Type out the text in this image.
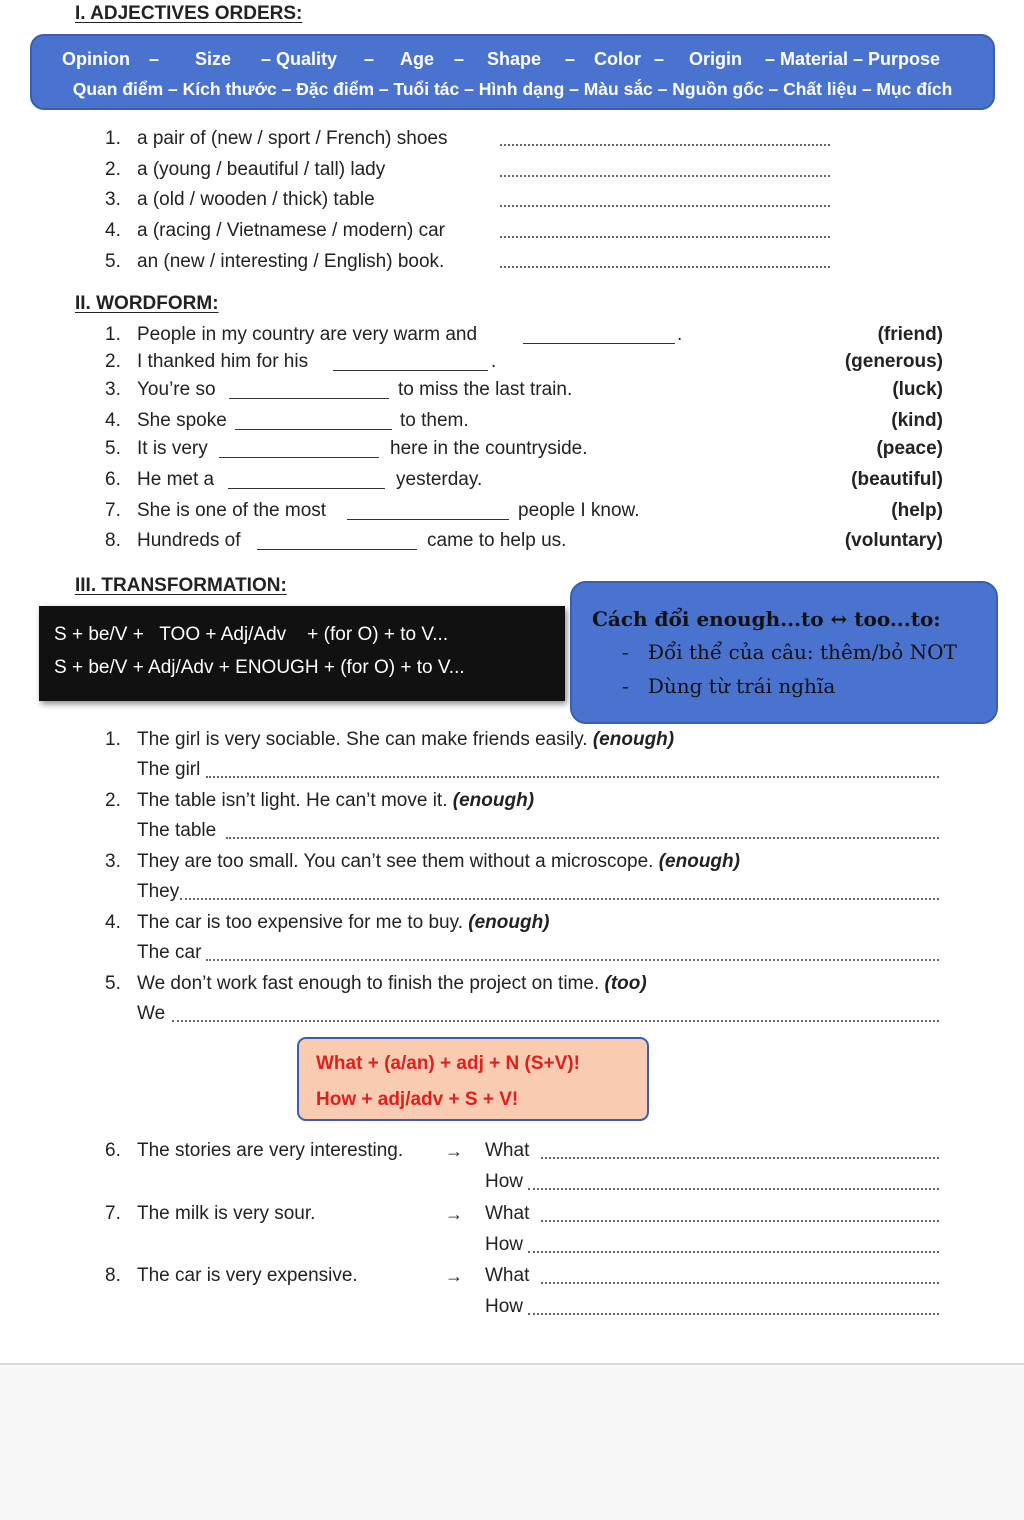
I. ADJECTIVES ORDERS:
Opinion – Size – Quality – Age – Shape – Color – Origin – Material – Purpose
Quan điểm – Kích thước – Đặc điểm – Tuổi tác – Hình dạng – Màu sắc – Nguồn gốc – Chất liệu – Mục đích
1. a pair of (new / sport / French) shoes
2. a (young / beautiful / tall) lady
3. a (old / wooden / thick) table
4. a (racing / Vietnamese / modern) car
5. an (new / interesting / English) book.
II. WORDFORM:
1. People in my country are very warm and	.	(friend)
2. I thanked him for his	.	(generous)
3. You’re so	to miss the last train.	(luck)
4. She spoke	to them.	(kind)
5. It is very	here in the countryside.	(peace)
6. He met a	yesterday.	(beautiful)
7. She is one of the most	people I know.	(help)
8. Hundreds of	came to help us.	(voluntary)
III. TRANSFORMATION:
S + be/V +   TOO + Adj/Adv    + (for O) + to V...
S + be/V + Adj/Adv + ENOUGH + (for O) + to V...
Cách đổi enough...to ↔ too...to:
-   Đổi thể của câu: thêm/bỏ NOT
-   Dùng từ trái nghĩa
1. The girl is very sociable. She can make friends easily. (enough)
The girl
2. The table isn’t light. He can’t move it. (enough)
The table
3. They are too small. You can’t see them without a microscope. (enough)
They
4. The car is too expensive for me to buy. (enough)
The car
5. We don’t work fast enough to finish the project on time. (too)
We
What + (a/an) + adj + N (S+V)!
How + adj/adv + S + V!
6. The stories are very interesting. → What
How
7. The milk is very sour.	→ What
How
8. The car is very expensive.	→ What
How
